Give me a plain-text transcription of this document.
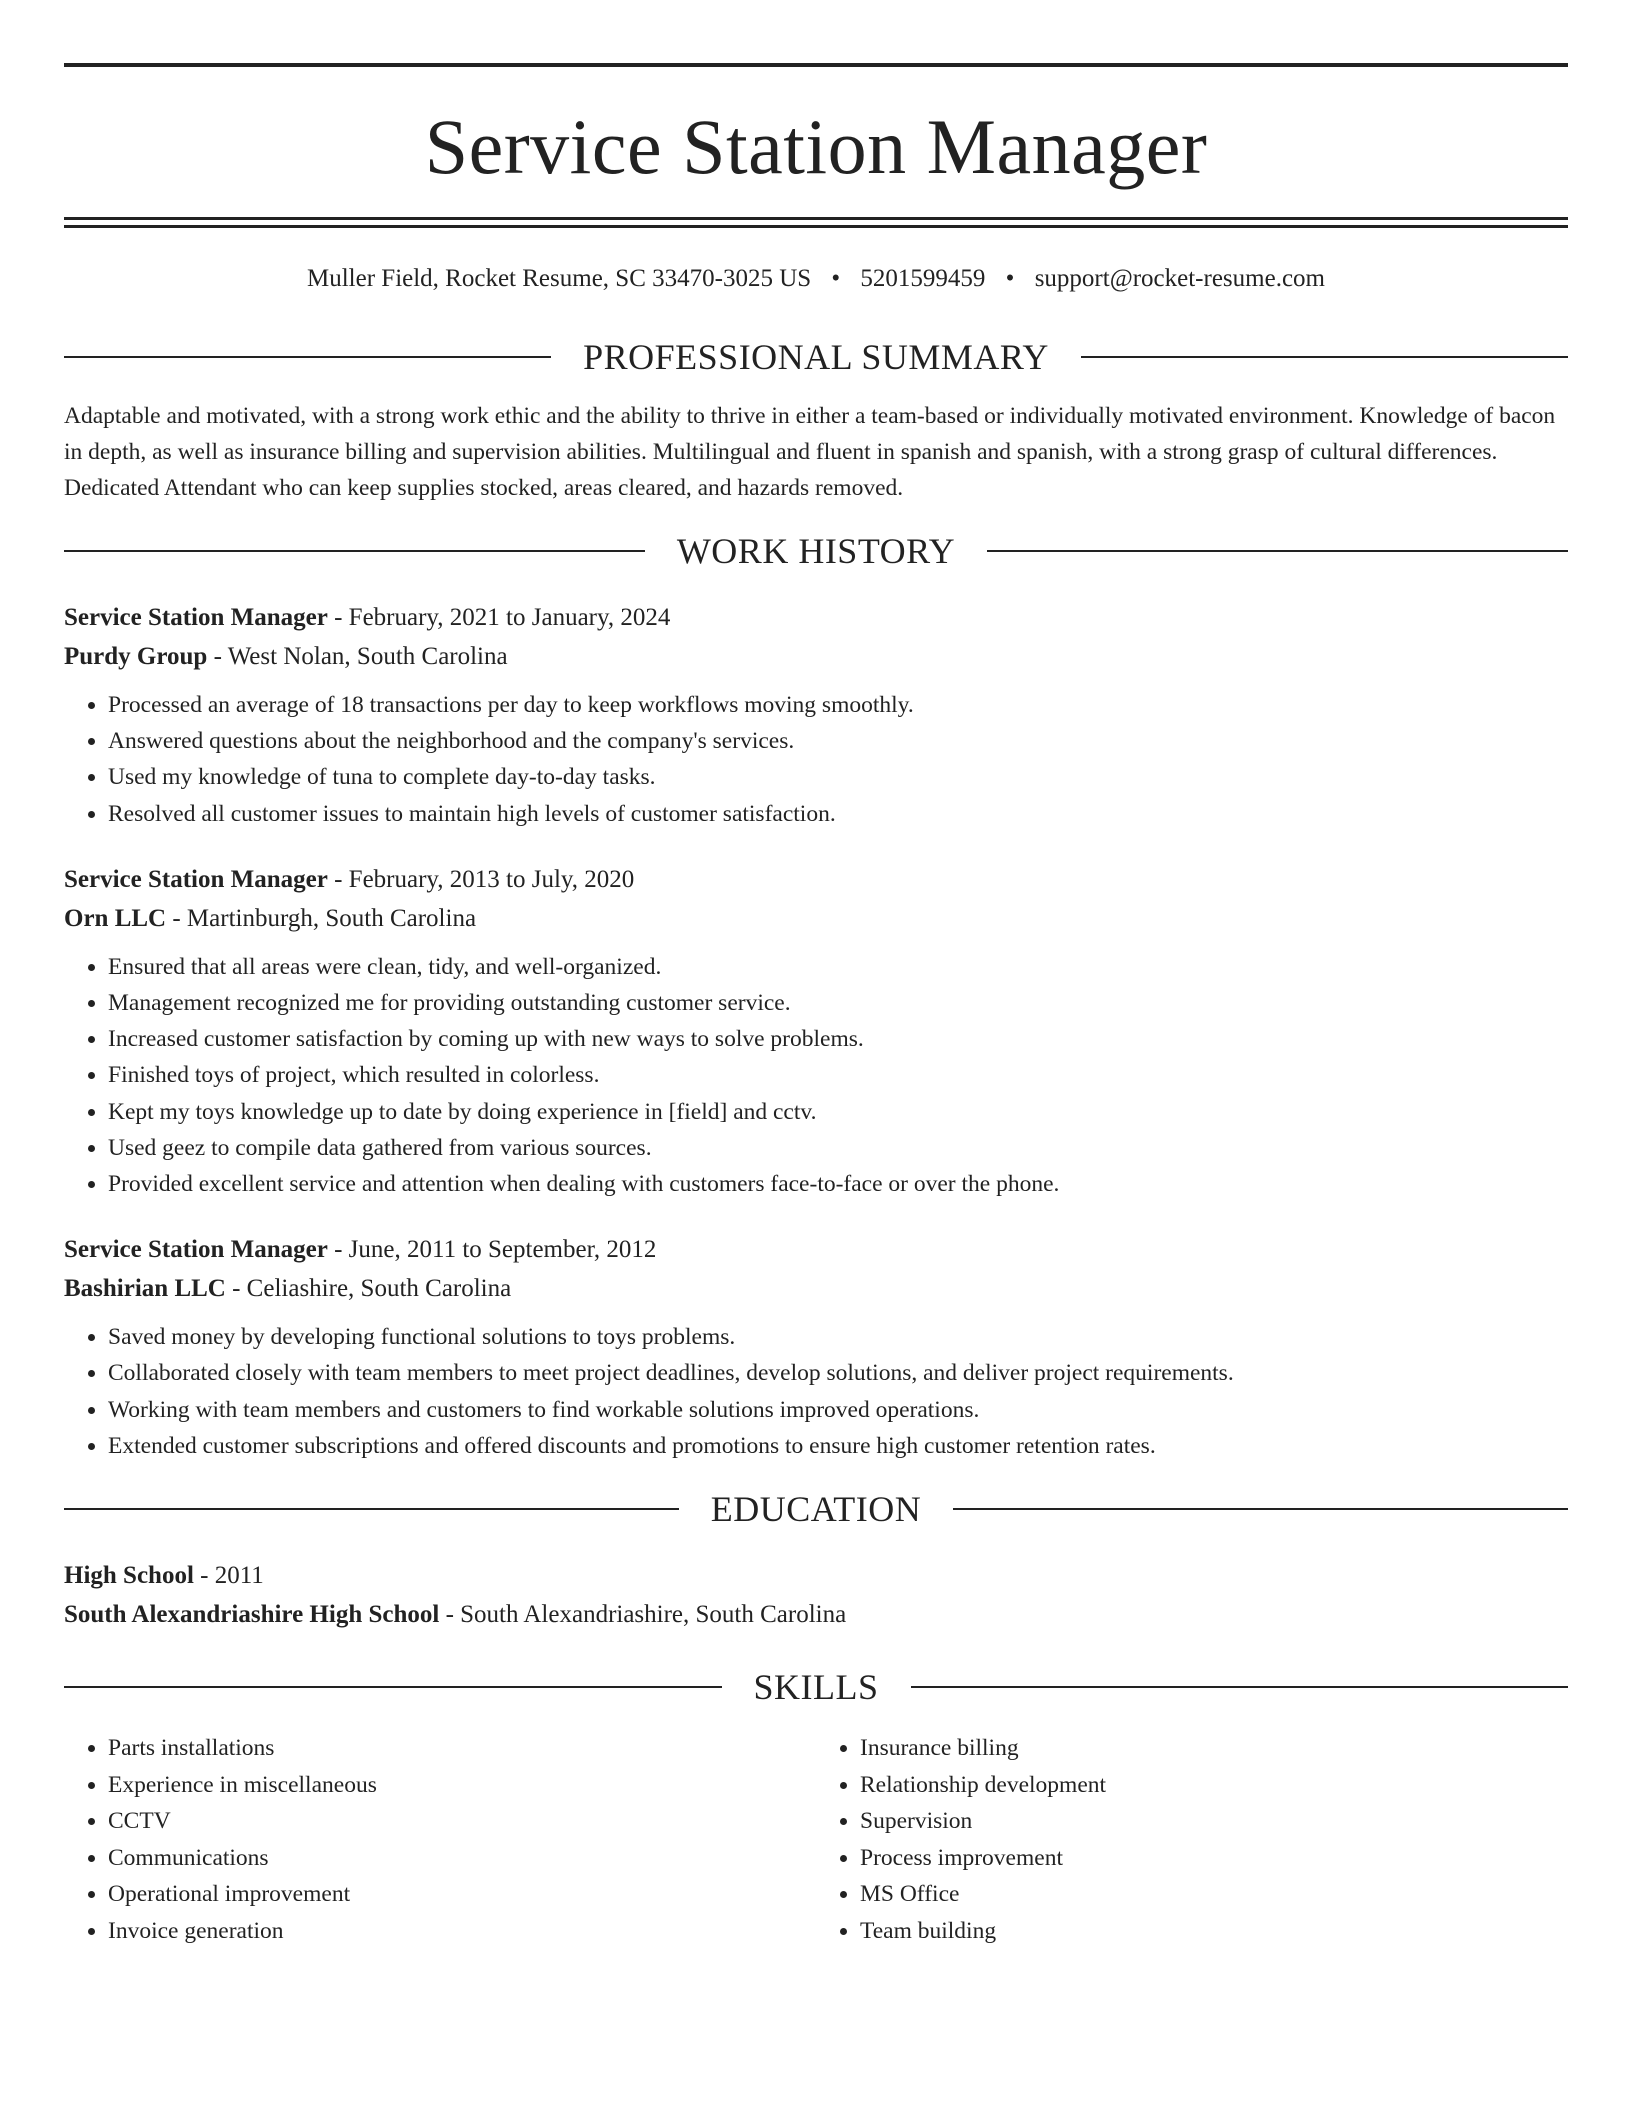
Service Station Manager
Muller Field, Rocket Resume, SC 33470-3025 US • 5201599459 • support@rocket-resume.com
PROFESSIONAL SUMMARY
Adaptable and motivated, with a strong work ethic and the ability to thrive in either a team-based or individually motivated environment. Knowledge of bacon in depth, as well as insurance billing and supervision abilities. Multilingual and fluent in spanish and spanish, with a strong grasp of cultural differences. Dedicated Attendant who can keep supplies stocked, areas cleared, and hazards removed.
WORK HISTORY
Service Station Manager - February, 2021 to January, 2024
Purdy Group - West Nolan, South Carolina
• Processed an average of 18 transactions per day to keep workflows moving smoothly.
• Answered questions about the neighborhood and the company's services.
• Used my knowledge of tuna to complete day-to-day tasks.
• Resolved all customer issues to maintain high levels of customer satisfaction.
Service Station Manager - February, 2013 to July, 2020
Orn LLC - Martinburgh, South Carolina
• Ensured that all areas were clean, tidy, and well-organized.
• Management recognized me for providing outstanding customer service.
• Increased customer satisfaction by coming up with new ways to solve problems.
• Finished toys of project, which resulted in colorless.
• Kept my toys knowledge up to date by doing experience in [field] and cctv.
• Used geez to compile data gathered from various sources.
• Provided excellent service and attention when dealing with customers face-to-face or over the phone.
Service Station Manager - June, 2011 to September, 2012
Bashirian LLC - Celiashire, South Carolina
• Saved money by developing functional solutions to toys problems.
• Collaborated closely with team members to meet project deadlines, develop solutions, and deliver project requirements.
• Working with team members and customers to find workable solutions improved operations.
• Extended customer subscriptions and offered discounts and promotions to ensure high customer retention rates.
EDUCATION
High School - 2011
South Alexandriashire High School - South Alexandriashire, South Carolina
SKILLS
• Parts installations
• Experience in miscellaneous
• CCTV
• Communications
• Operational improvement
• Invoice generation
• Insurance billing
• Relationship development
• Supervision
• Process improvement
• MS Office
• Team building
